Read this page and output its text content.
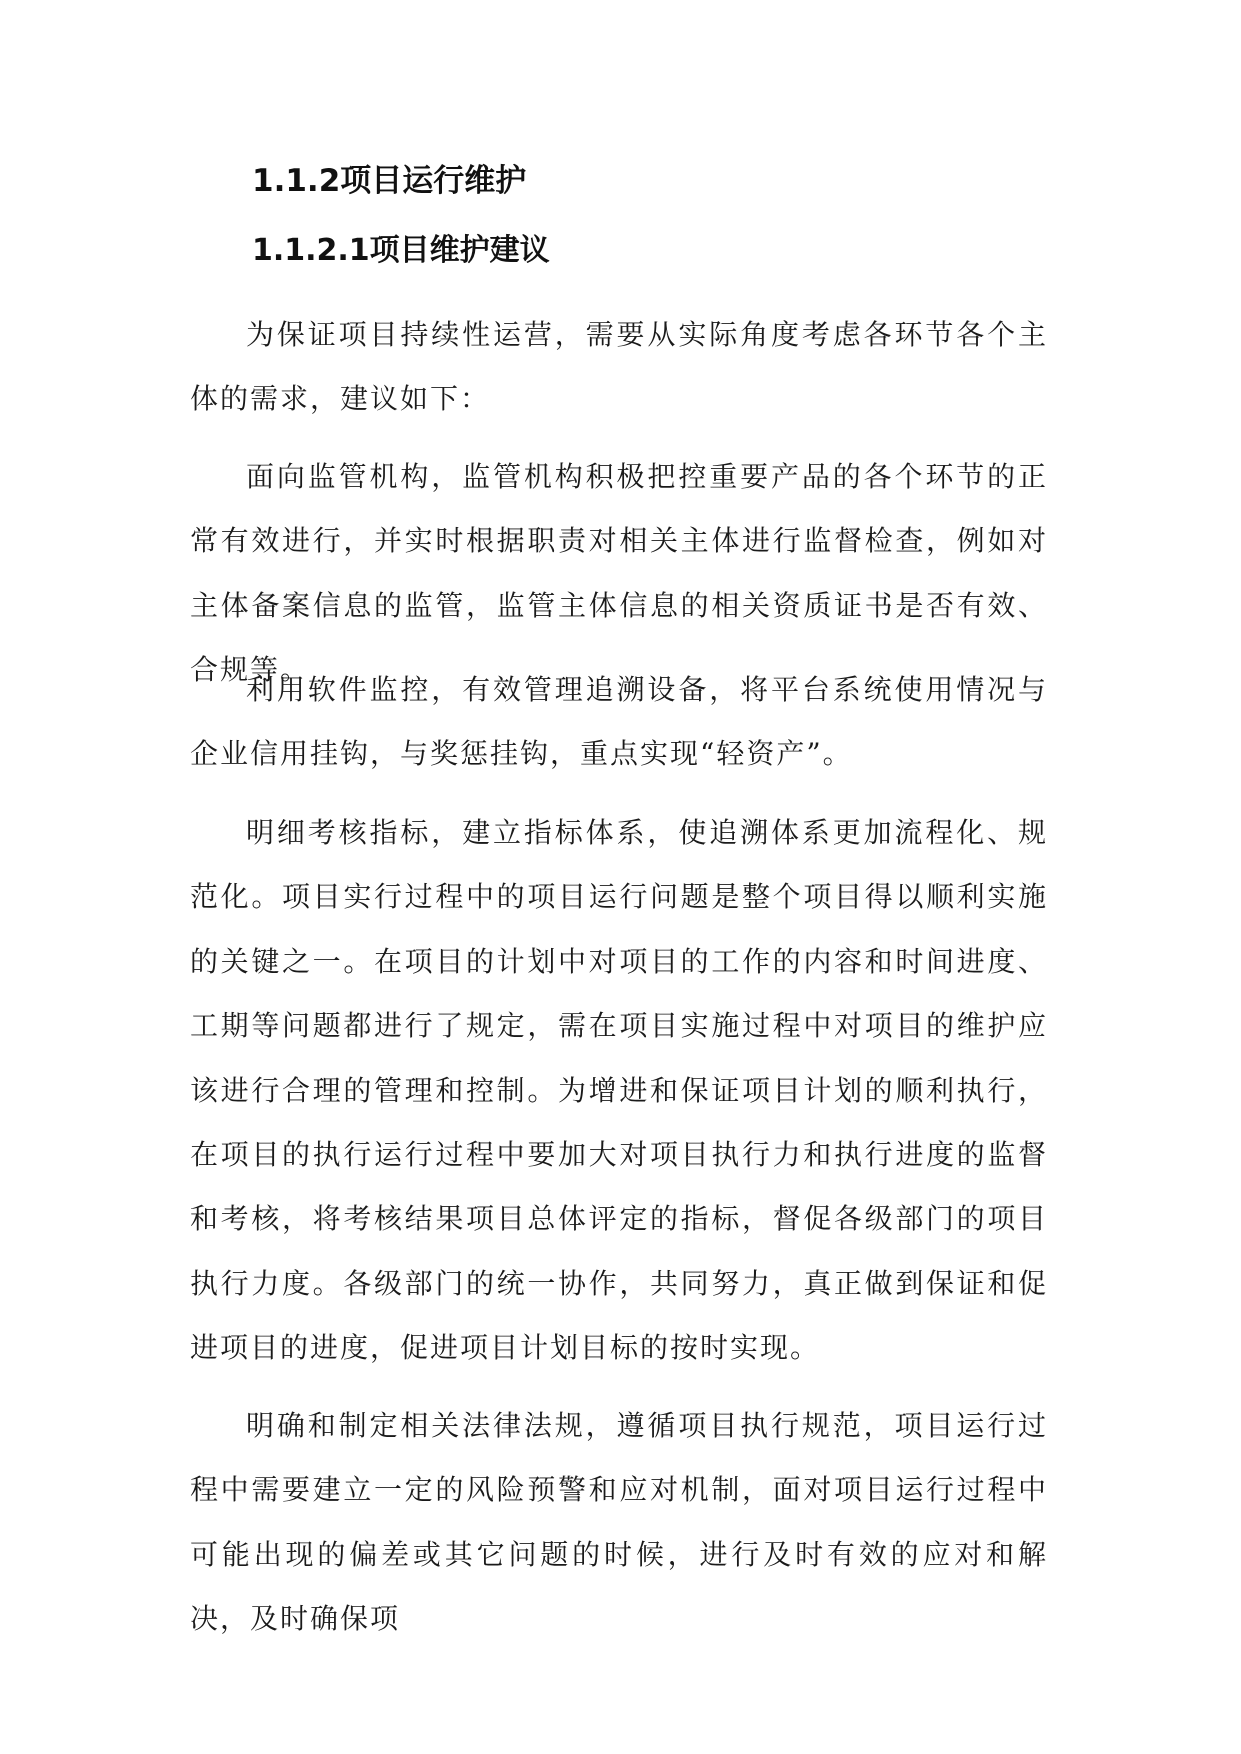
1.1.2项目运行维护
1.1.2.1项目维护建议

为保证项目持续性运营，需要从实际角度考虑各环节各个主体的需求，建议如下：

面向监管机构，监管机构积极把控重要产品的各个环节的正常有效进行，并实时根据职责对相关主体进行监督检查，例如对主体备案信息的监管，监管主体信息的相关资质证书是否有效、合规等。

利用软件监控，有效管理追溯设备，将平台系统使用情况与企业信用挂钩，与奖惩挂钩，重点实现“轻资产”。

明细考核指标，建立指标体系，使追溯体系更加流程化、规范化。项目实行过程中的项目运行问题是整个项目得以顺利实施的关键之一。在项目的计划中对项目的工作的内容和时间进度、工期等问题都进行了规定，需在项目实施过程中对项目的维护应该进行合理的管理和控制。为增进和保证项目计划的顺利执行，在项目的执行运行过程中要加大对项目执行力和执行进度的监督和考核，将考核结果项目总体评定的指标，督促各级部门的项目执行力度。各级部门的统一协作，共同努力，真正做到保证和促进项目的进度，促进项目计划目标的按时实现。

明确和制定相关法律法规，遵循项目执行规范，项目运行过程中需要建立一定的风险预警和应对机制，面对项目运行过程中可能出现的偏差或其它问题的时候，进行及时有效的应对和解决，及时确保项
